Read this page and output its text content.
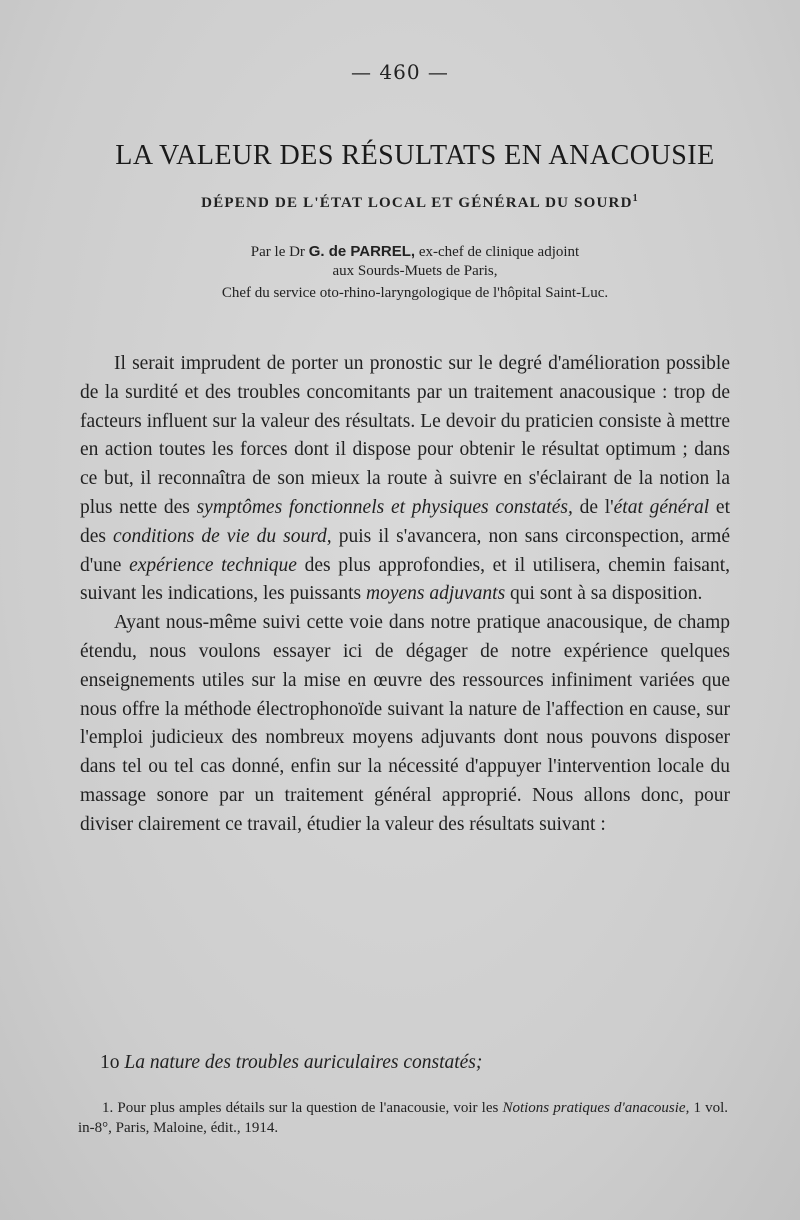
— 460 —
LA VALEUR DES RÉSULTATS EN ANACOUSIE
DÉPEND DE L'ÉTAT LOCAL ET GÉNÉRAL DU SOURD$^1$
Par le Dr G. de PARREL, ex-chef de clinique adjoint
aux Sourds-Muets de Paris,
Chef du service oto-rhino-laryngologique de l'hôpital Saint-Luc.

Il serait imprudent de porter un pronostic sur le degré d'amélioration possible de la surdité et des troubles concomitants par un traitement anacousique : trop de facteurs influent sur la valeur des résultats. Le devoir du praticien consiste à mettre en action toutes les forces dont il dispose pour obtenir le résultat optimum ; dans ce but, il reconnaîtra de son mieux la route à suivre en s'éclairant de la notion la plus nette des symptômes fonctionnels et physiques constatés, de l'état général et des conditions de vie du sourd, puis il s'avancera, non sans circonspection, armé d'une expérience technique des plus approfondies, et il utilisera, chemin faisant, suivant les indications, les puissants moyens adjuvants qui sont à sa disposition.

Ayant nous-même suivi cette voie dans notre pratique anacousique, de champ étendu, nous voulons essayer ici de dégager de notre expérience quelques enseignements utiles sur la mise en œuvre des ressources infiniment variées que nous offre la méthode électrophonoïde suivant la nature de l'affection en cause, sur l'emploi judicieux des nombreux moyens adjuvants dont nous pouvons disposer dans tel ou tel cas donné, enfin sur la nécessité d'appuyer l'intervention locale du massage sonore par un traitement général approprié. Nous allons donc, pour diviser clairement ce travail, étudier la valeur des résultats suivant :

1o La nature des troubles auriculaires constatés;

1. Pour plus amples détails sur la question de l'anacousie, voir les Notions pratiques d'anacousie, 1 vol. in-8°, Paris, Maloine, édit., 1914.
